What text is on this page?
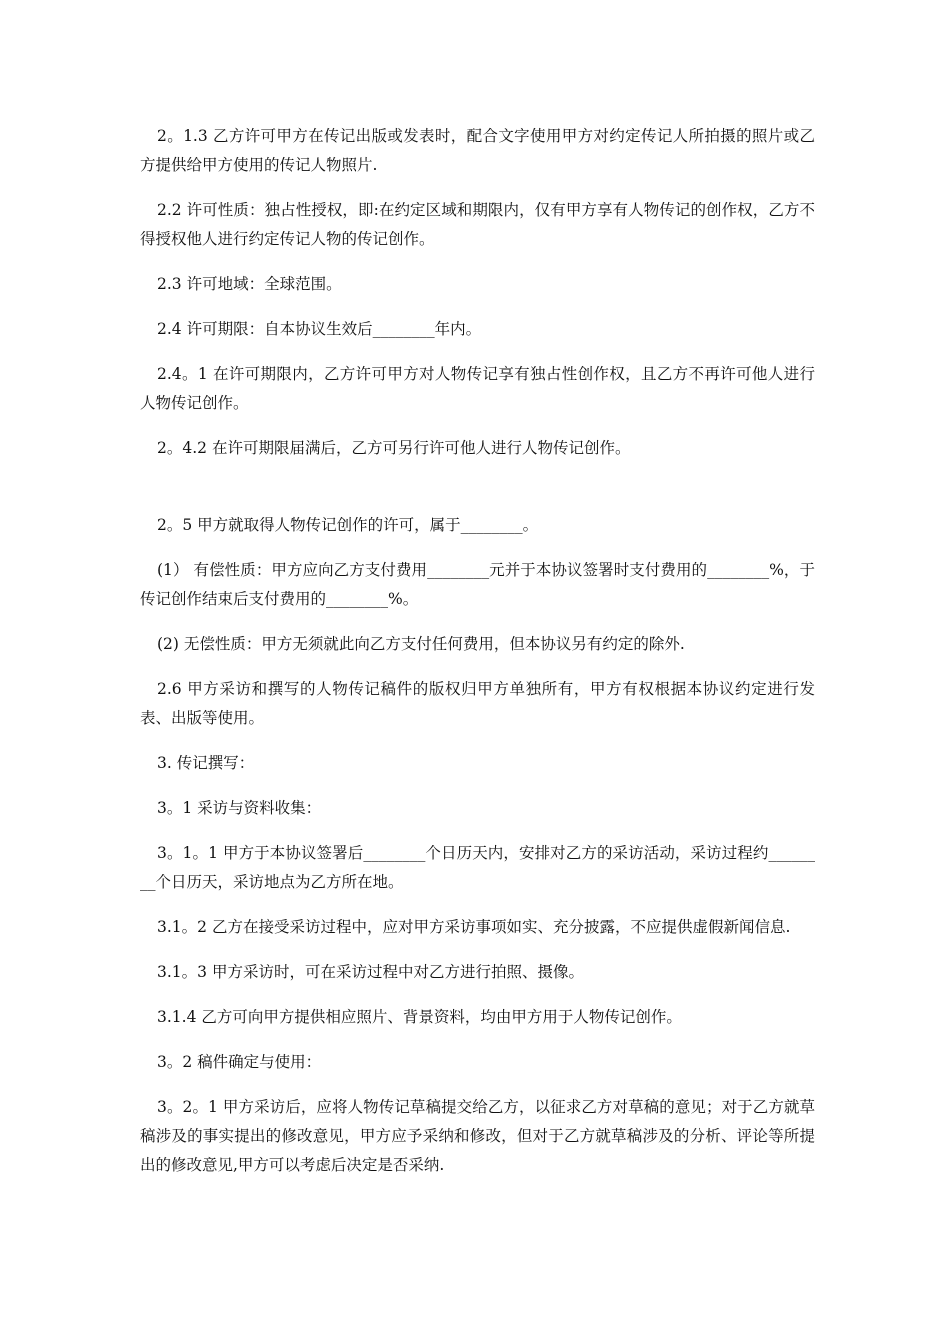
2。1.3 乙方许可甲方在传记出版或发表时，配合文字使用甲方对约定传记人所拍摄的照片或乙方提供给甲方使用的传记人物照片.

2.2 许可性质：独占性授权，即:在约定区域和期限内，仅有甲方享有人物传记的创作权，乙方不得授权他人进行约定传记人物的传记创作。

2.3 许可地域：全球范围。

2.4 许可期限：自本协议生效后________年内。

2.4。1 在许可期限内，乙方许可甲方对人物传记享有独占性创作权，且乙方不再许可他人进行人物传记创作。

2。4.2 在许可期限届满后，乙方可另行许可他人进行人物传记创作。

2。5 甲方就取得人物传记创作的许可，属于________。

(1） 有偿性质：甲方应向乙方支付费用________元并于本协议签署时支付费用的________%，于传记创作结束后支付费用的________%。

(2) 无偿性质：甲方无须就此向乙方支付任何费用，但本协议另有约定的除外.

2.6 甲方采访和撰写的人物传记稿件的版权归甲方单独所有，甲方有权根据本协议约定进行发表、出版等使用。

3. 传记撰写：

3。1 采访与资料收集：

3。1。1 甲方于本协议签署后________个日历天内，安排对乙方的采访活动，采访过程约________个日历天，采访地点为乙方所在地。

3.1。2 乙方在接受采访过程中，应对甲方采访事项如实、充分披露，不应提供虚假新闻信息.

3.1。3 甲方采访时，可在采访过程中对乙方进行拍照、摄像。

3.1.4 乙方可向甲方提供相应照片、背景资料，均由甲方用于人物传记创作。

3。2 稿件确定与使用：

3。2。1 甲方采访后，应将人物传记草稿提交给乙方，以征求乙方对草稿的意见；对于乙方就草稿涉及的事实提出的修改意见，甲方应予采纳和修改，但对于乙方就草稿涉及的分析、评论等所提出的修改意见,甲方可以考虑后决定是否采纳.
